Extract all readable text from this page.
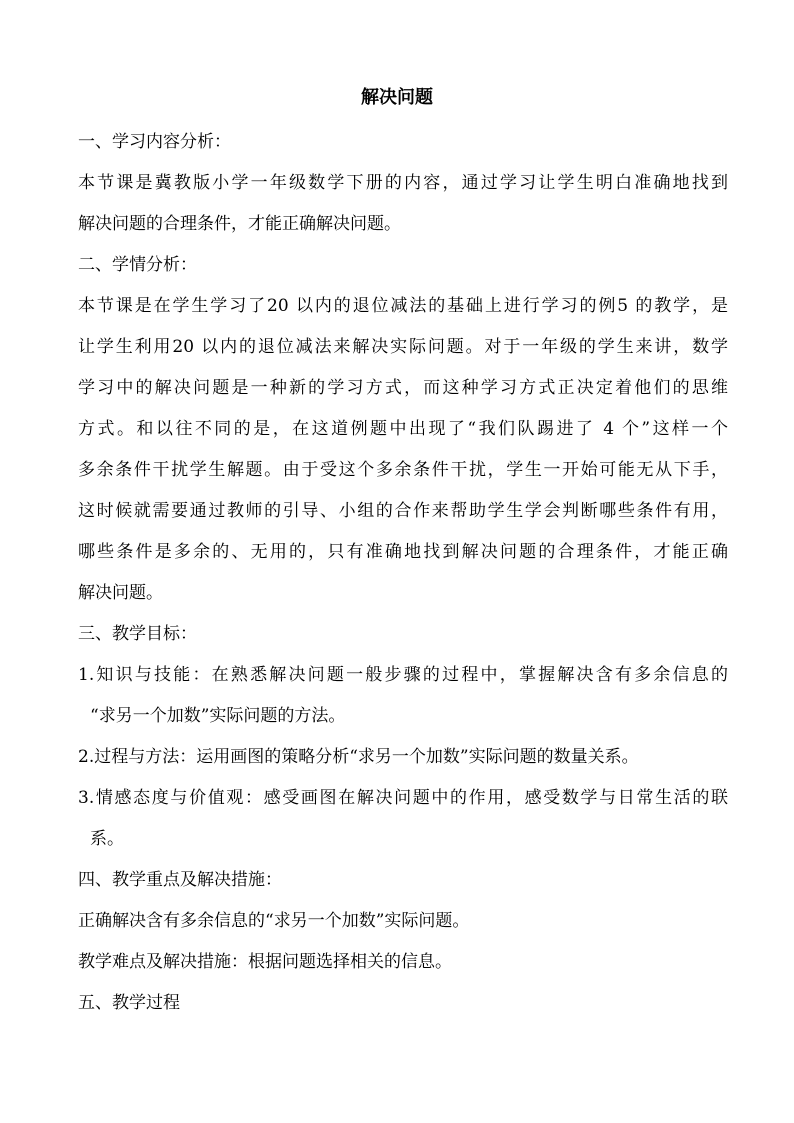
解决问题
一、学习内容分析：
本节课是冀教版小学一年级数学下册的内容，通过学习让学生明白准确地找到
解决问题的合理条件，才能正确解决问题。
二、学情分析：
本节课是在学生学习了20 以内的退位减法的基础上进行学习的例5 的教学，是
让学生利用20 以内的退位减法来解决实际问题。对于一年级的学生来讲，数学
学习中的解决问题是一种新的学习方式，而这种学习方式正决定着他们的思维
方式。和以往不同的是，在这道例题中出现了“我们队踢进了 4 个”这样一个
多余条件干扰学生解题。由于受这个多余条件干扰，学生一开始可能无从下手，
这时候就需要通过教师的引导、小组的合作来帮助学生学会判断哪些条件有用，
哪些条件是多余的、无用的，只有准确地找到解决问题的合理条件，才能正确
解决问题。
三、教学目标：
1.知识与技能：在熟悉解决问题一般步骤的过程中，掌握解决含有多余信息的
“求另一个加数”实际问题的方法。
2.过程与方法：运用画图的策略分析“求另一个加数”实际问题的数量关系。
3.情感态度与价值观：感受画图在解决问题中的作用，感受数学与日常生活的联
系。
四、教学重点及解决措施：
正确解决含有多余信息的“求另一个加数”实际问题。
教学难点及解决措施：根据问题选择相关的信息。
五、教学过程
